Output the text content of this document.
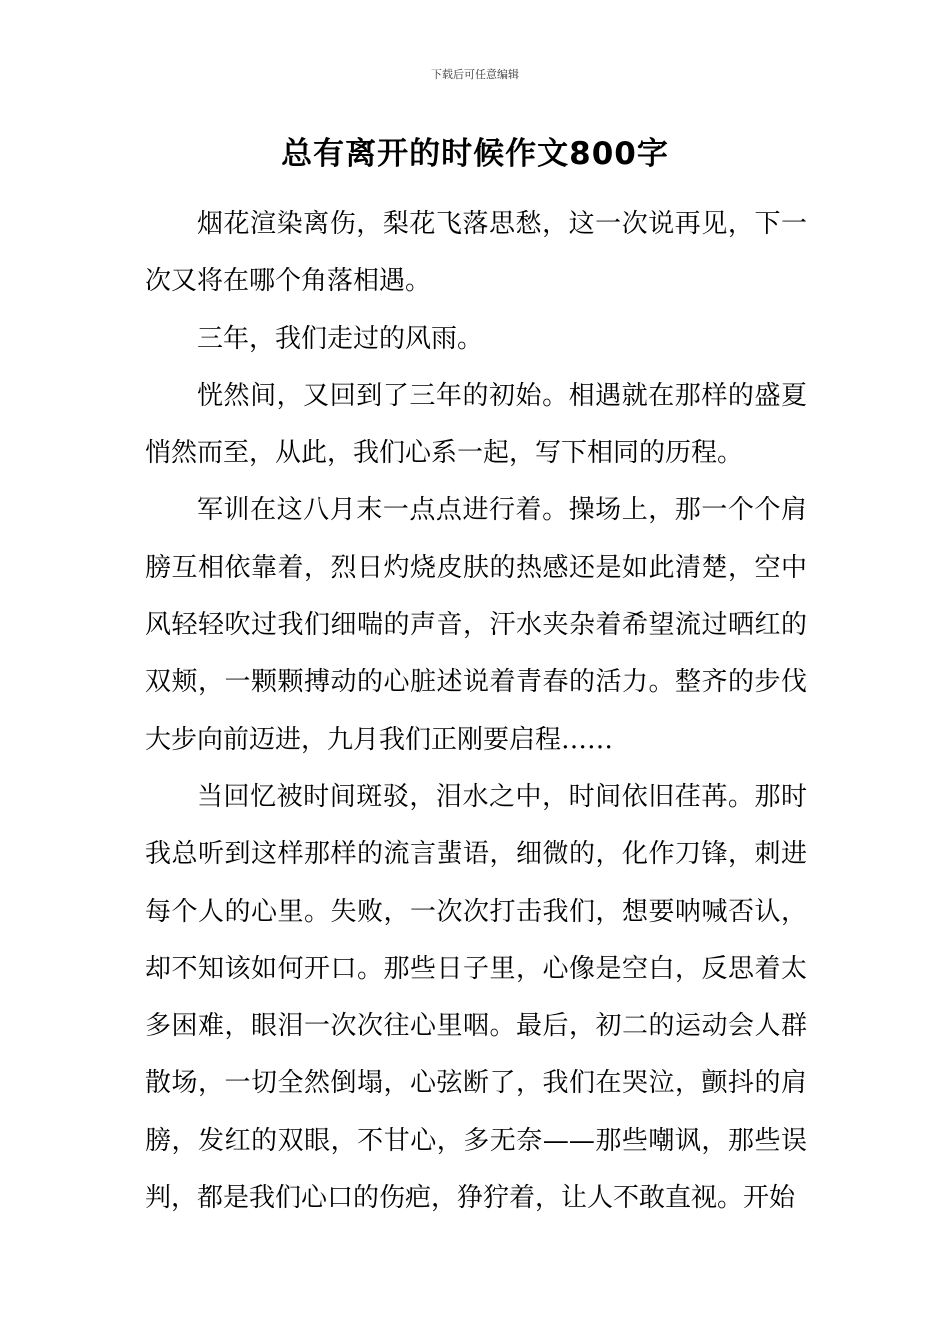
下载后可任意编辑
总有离开的时候作文800字

烟花渲染离伤，梨花飞落思愁，这一次说再见，下一次又将在哪个角落相遇。

三年，我们走过的风雨。

恍然间，又回到了三年的初始。相遇就在那样的盛夏悄然而至，从此，我们心系一起，写下相同的历程。

军训在这八月末一点点进行着。操场上，那一个个肩膀互相依靠着，烈日灼烧皮肤的热感还是如此清楚，空中风轻轻吹过我们细喘的声音，汗水夹杂着希望流过晒红的双颊，一颗颗搏动的心脏述说着青春的活力。整齐的步伐大步向前迈进，九月我们正刚要启程……

当回忆被时间斑驳，泪水之中，时间依旧荏苒。那时我总听到这样那样的流言蜚语，细微的，化作刀锋，刺进每个人的心里。失败，一次次打击我们，想要呐喊否认，却不知该如何开口。那些日子里，心像是空白，反思着太多困难，眼泪一次次往心里咽。最后，初二的运动会人群散场，一切全然倒塌，心弦断了，我们在哭泣，颤抖的肩膀，发红的双眼，不甘心，多无奈——那些嘲讽，那些误判，都是我们心口的伤疤，狰狞着，让人不敢直视。开始
